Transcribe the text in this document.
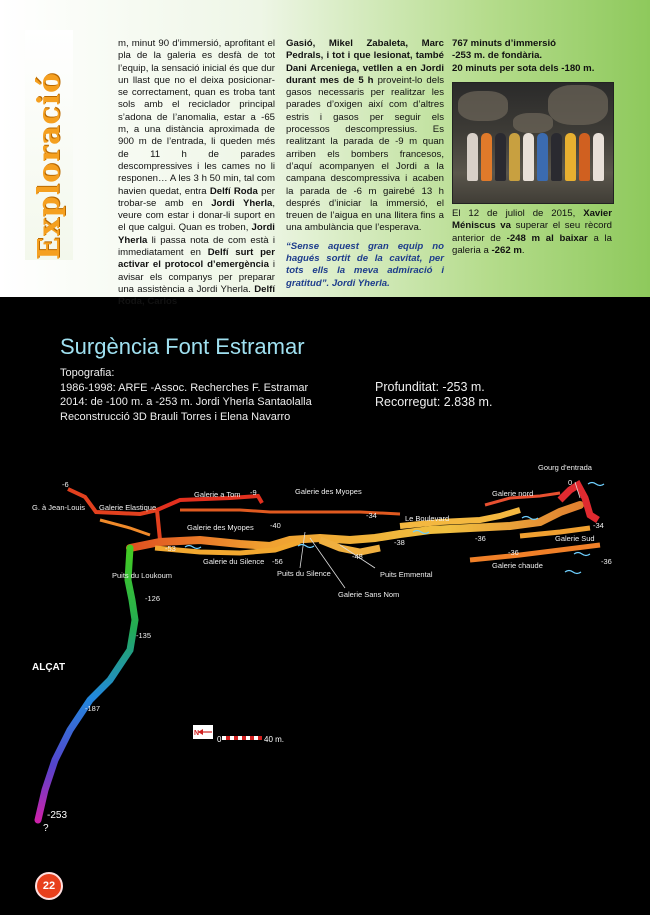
Exploració

m, minut 90 d’immersió, aprofitant el pla de la galeria es desfà de tot l’equip, la sensació inicial és que dur un llast que no el deixa posicionar-se correctament, quan es troba tant sols amb el reciclador principal s’adona de l’anomalia, estar a -65 m, a una distància aproximada de 900 m de l’entrada, li queden més de 11 h de parades descompressives i les cames no li responen… A les 3 h 50 min, tal com havien quedat, entra Delfí Roda per trobar-se amb en Jordi Yherla, veure com estar i donar-li suport en el que calgui. Quan es troben, Jordi Yherla li passa nota de com està i immediatament en Delfí surt per activar el protocol d’emergència i avisar els companys per preparar una assistència a Jordi Yherla. Delfí Roda, Carlos

Gasió, Mikel Zabaleta, Marc Pedrals, i tot i que lesionat, també Dani Arceniega, vetllen a en Jordi durant mes de 5 h proveint-lo dels gasos necessaris per realitzar les parades d’oxigen així com d’altres estris i gasos per seguir els processos descompressius. Es realitzant la parada de -9 m quan arriben els bombers francesos, d’aquí acompanyen el Jordi a la campana descompressiva i acaben la parada de -6 m gairebé 13 h després d’iniciar la immersió, el treuen de l’aigua en una llitera fins a una ambulància que l’esperava.

“Sense aquest gran equip no hagués sortit de la cavitat, per tots ells la meva admiració i gratitud”. Jordi Yherla.

767 minuts d’immersió

-253 m. de fondària.

20 minuts per sota dels -180 m.

El 12 de juliol de 2015, Xavier Méniscus va superar el seu rècord anterior de -248 m al baixar a la galeria a -262 m.

Surgència Font Estramar
Topografia:
1986-1998: ARFE -Assoc. Recherches F. Estramar
2014: de -100 m. a -253 m. Jordi Yherla Santaolalla
Reconstrucció 3D Brauli Torres i Elena Navarro
Profunditat: -253 m.
Recorregut: 2.838 m.
Gourg d'entrada
0
-6
G. à Jean-Louis Galerie Elastique
Galerie a Tom -9	Galerie des Myopes
Galerie des Myopes -40
-53
Galerie du Silence -56
Puits du Silence
-48
Puits Emmental
Galerie Sans Nom
-34	Le Boulevard
-38
Galerie nord
-36
-36
-36
Galerie chaude
Galerie Sud
-34
Puits du Loukoum
-126
-135
-187
ALÇAT
-253
?
N
0	40 m.
22
